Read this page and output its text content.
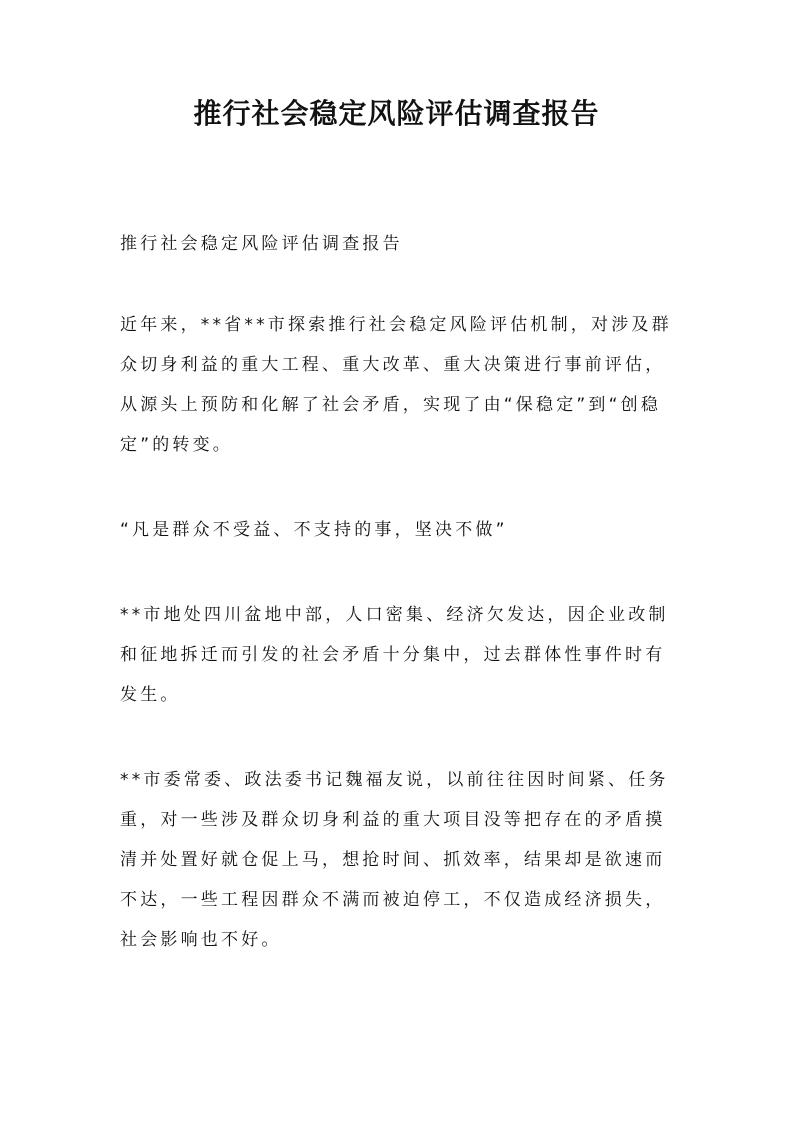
推行社会稳定风险评估调查报告

推行社会稳定风险评估调查报告

近年来，**省**市探索推行社会稳定风险评估机制，对涉及群众切身利益的重大工程、重大改革、重大决策进行事前评估，从源头上预防和化解了社会矛盾，实现了由“保稳定”到“创稳定”的转变。

“凡是群众不受益、不支持的事，坚决不做”

**市地处四川盆地中部，人口密集、经济欠发达，因企业改制和征地拆迁而引发的社会矛盾十分集中，过去群体性事件时有发生。

**市委常委、政法委书记魏福友说，以前往往因时间紧、任务重，对一些涉及群众切身利益的重大项目没等把存在的矛盾摸清并处置好就仓促上马，想抢时间、抓效率，结果却是欲速而不达，一些工程因群众不满而被迫停工，不仅造成经济损失，社会影响也不好。
